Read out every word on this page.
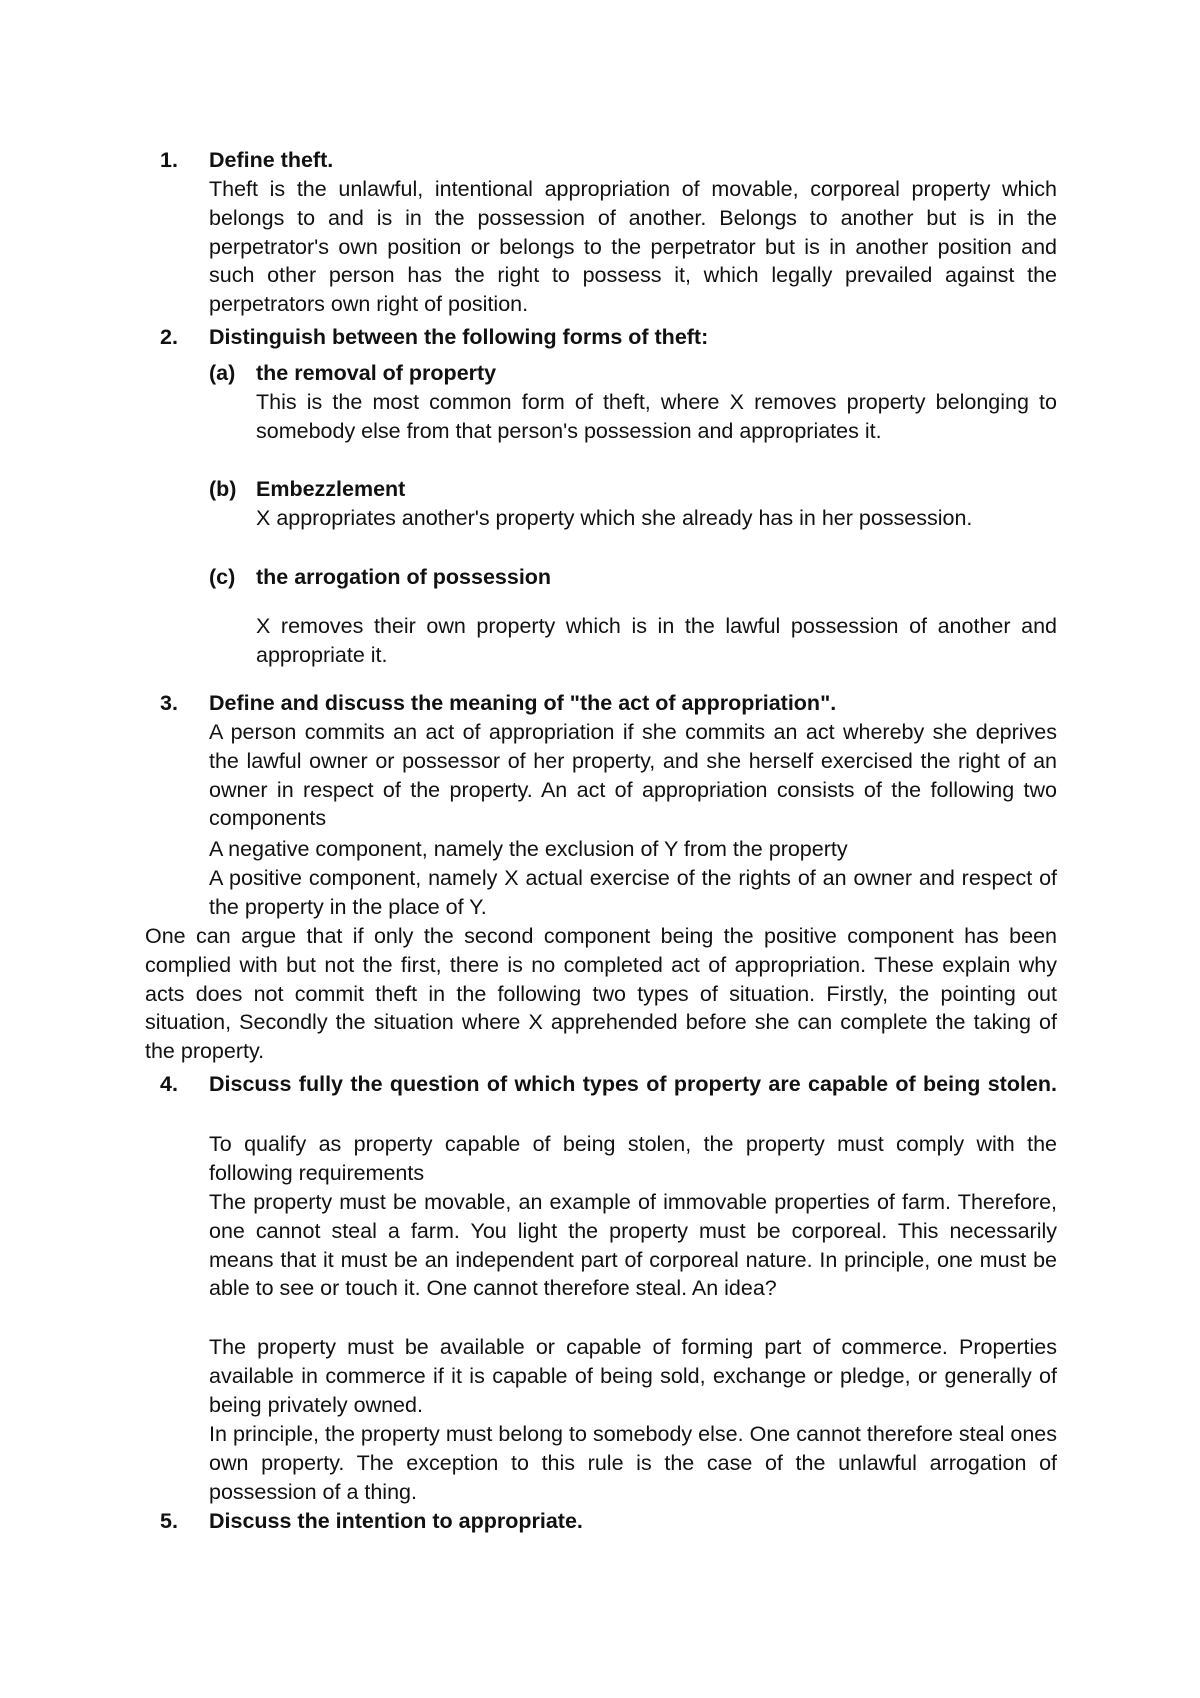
1. Define theft.
Theft is the unlawful, intentional appropriation of movable, corporeal property which belongs to and is in the possession of another. Belongs to another but is in the perpetrator's own position or belongs to the perpetrator but is in another position and such other person has the right to possess it, which legally prevailed against the perpetrators own right of position.
2. Distinguish between the following forms of theft:
(a) the removal of property
This is the most common form of theft, where X removes property belonging to somebody else from that person's possession and appropriates it.
(b) Embezzlement
X appropriates another's property which she already has in her possession.
(c) the arrogation of possession
X removes their own property which is in the lawful possession of another and appropriate it.
3. Define and discuss the meaning of "the act of appropriation".
A person commits an act of appropriation if she commits an act whereby she deprives the lawful owner or possessor of her property, and she herself exercised the right of an owner in respect of the property. An act of appropriation consists of the following two components
A negative component, namely the exclusion of Y from the property
A positive component, namely X actual exercise of the rights of an owner and respect of the property in the place of Y.
One can argue that if only the second component being the positive component has been complied with but not the first, there is no completed act of appropriation. These explain why acts does not commit theft in the following two types of situation. Firstly, the pointing out situation, Secondly the situation where X apprehended before she can complete the taking of the property.
4. Discuss fully the question of which types of property are capable of being stolen.
To qualify as property capable of being stolen, the property must comply with the following requirements
The property must be movable, an example of immovable properties of farm. Therefore, one cannot steal a farm. You light the property must be corporeal. This necessarily means that it must be an independent part of corporeal nature. In principle, one must be able to see or touch it. One cannot therefore steal. An idea?
The property must be available or capable of forming part of commerce. Properties available in commerce if it is capable of being sold, exchange or pledge, or generally of being privately owned.
In principle, the property must belong to somebody else. One cannot therefore steal ones own property. The exception to this rule is the case of the unlawful arrogation of possession of a thing.
5. Discuss the intention to appropriate.
